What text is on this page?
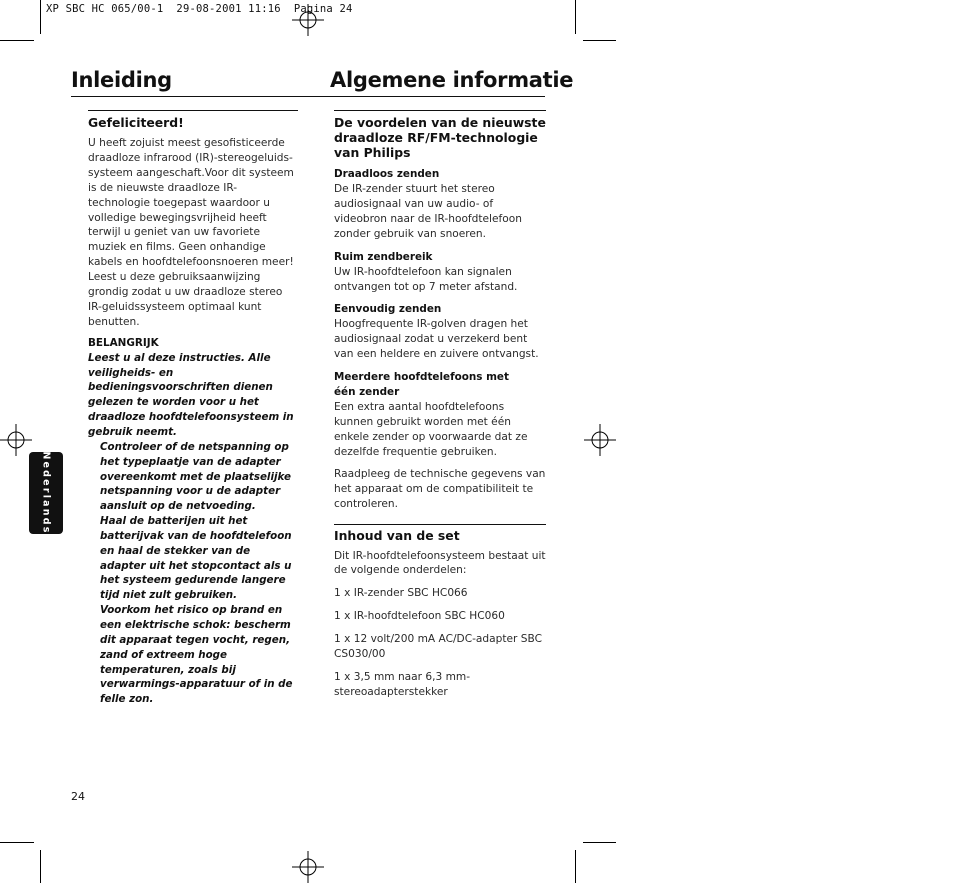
XP SBC HC 065/00-1  29-08-2001 11:16  Pagina 24
Inleiding	Algemene informatie
Gefeliciteerd!

U heeft zojuist meest gesofisticeerde draadloze infrarood (IR)-stereogeluids-systeem aangeschaft.Voor dit systeem is de nieuwste draadloze IR-technologie toegepast waardoor u volledige bewegingsvrijheid heeft terwijl u geniet van uw favoriete muziek en films. Geen onhandige kabels en hoofdtelefoonsnoeren meer! Leest u deze gebruiksaanwijzing grondig zodat u uw draadloze stereo IR-geluidssysteem optimaal kunt benutten.

BELANGRIJK

Leest u al deze instructies. Alle veiligheids- en bedieningsvoorschriften dienen gelezen te worden voor u het draadloze hoofdtelefoonsysteem in gebruik neemt.

Controleer of de netspanning op het typeplaatje van de adapter overeenkomt met de plaatselijke netspanning voor u de adapter aansluit op de netvoeding.

Haal de batterijen uit het batterijvak van de hoofdtelefoon en haal de stekker van de adapter uit het stopcontact als u het systeem gedurende langere tijd niet zult gebruiken.

Voorkom het risico op brand en een elektrische schok: bescherm dit apparaat tegen vocht, regen, zand of extreem hoge temperaturen, zoals bij verwarmings-apparatuur of in de felle zon.

De voordelen van de nieuwste draadloze RF/FM-technologie van Philips
Draadloos zenden

De IR-zender stuurt het stereo audiosignaal van uw audio- of videobron naar de IR-hoofdtelefoon zonder gebruik van snoeren.

Ruim zendbereik

Uw IR-hoofdtelefoon kan signalen ontvangen tot op 7 meter afstand.

Eenvoudig zenden

Hoogfrequente IR-golven dragen het audiosignaal zodat u verzekerd bent van een heldere en zuivere ontvangst.

Meerdere hoofdtelefoons met één zender

Een extra aantal hoofdtelefoons kunnen gebruikt worden met één enkele zender op voorwaarde dat ze dezelfde frequentie gebruiken.

Raadpleeg de technische gegevens van het apparaat om de compatibiliteit te controleren.

Inhoud van de set

Dit IR-hoofdtelefoonsysteem bestaat uit de volgende onderdelen:

1 x IR-zender SBC HC066

1 x IR-hoofdtelefoon SBC HC060

1 x 12 volt/200 mA AC/DC-adapter SBC CS030/00

1 x 3,5 mm naar 6,3 mm-stereoadapterstekker

Nederlands
24
